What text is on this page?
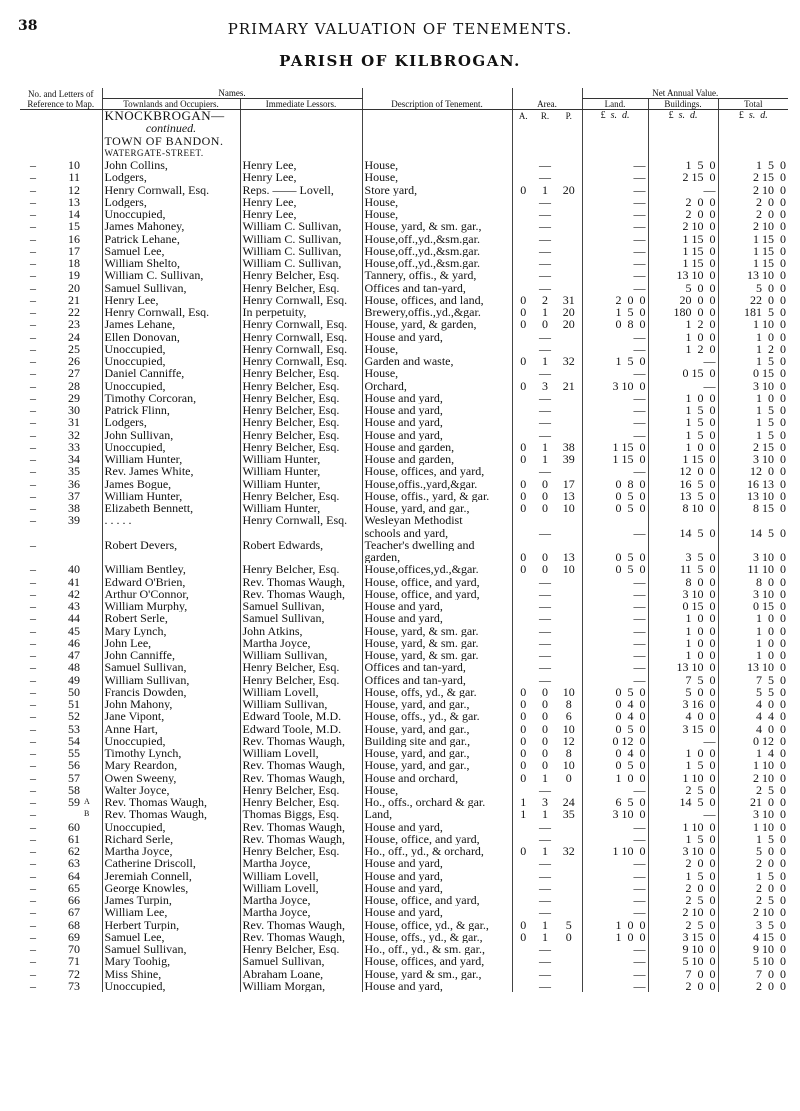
38	PRIMARY VALUATION OF TENEMENTS.
PARISH OF KILBROGAN.
No. and Letters of Reference to Map.			Names.		Description of Tenement.	Area.			Net Annual Value.		
			Townlands and Occupiers.	Immediate Lessors.					Land.	Buildings.	Total
			KNOCKBROGAN—			A.	R.	P.	£ s. d.	£ s. d.	£ s. d.
			continued.								
			TOWN OF BANDON.								
			WATERGATE-STREET.								
–	10		John Collins,	Henry Lee,	House,		—		—	1  5  0	1  5  0
–	11		Lodgers,	Henry Lee,	House,		—		—	2 15  0	2 15  0
–	12		Henry Cornwall, Esq.	Reps. —— Lovell,	Store yard,	0	1	20	—	—	2 10  0
–	13		Lodgers,	Henry Lee,	House,		—		—	2  0  0	2  0  0
–	14		Unoccupied,	Henry Lee,	House,		—		—	2  0  0	2  0  0
–	15		James Mahoney,	William C. Sullivan,	House, yard, & sm. gar.,		—		—	2 10  0	2 10  0
–	16		Patrick Lehane,	William C. Sullivan,	House,off.,yd.,&sm.gar.		—		—	1 15  0	1 15  0
–	17		Samuel Lee,	William C. Sullivan,	House,off.,yd.,&sm.gar.		—		—	1 15  0	1 15  0
–	18		William Shelto,	William C. Sullivan,	House,off.,yd.,&sm.gar.		—		—	1 15  0	1 15  0
–	19		William C. Sullivan,	Henry Belcher, Esq.	Tannery, offis., & yard,		—		—	13 10  0	13 10  0
–	20		Samuel Sullivan,	Henry Belcher, Esq.	Offices and tan-yard,		—		—	5  0  0	5  0  0
–	21		Henry Lee,	Henry Cornwall, Esq.	House, offices, and land,	0	2	31	2  0  0	20  0  0	22  0  0
–	22		Henry Cornwall, Esq.	In perpetuity,	Brewery,offis.,yd.,&gar.	0	1	20	1  5  0	180  0  0	181  5  0
–	23		James Lehane,	Henry Cornwall, Esq.	House, yard, & garden,	0	0	20	0  8  0	1  2  0	1 10  0
–	24		Ellen Donovan,	Henry Cornwall, Esq.	House and yard,		—		—	1  0  0	1  0  0
–	25		Unoccupied,	Henry Cornwall, Esq.	House,		—		—	1  2  0	1  2  0
–	26		Unoccupied,	Henry Cornwall, Esq.	Garden and waste,	0	1	32	1  5  0	—	1  5  0
–	27		Daniel Canniffe,	Henry Belcher, Esq.	House,		—		—	0 15  0	0 15  0
–	28		Unoccupied,	Henry Belcher, Esq.	Orchard,	0	3	21	3 10  0	—	3 10  0
–	29		Timothy Corcoran,	Henry Belcher, Esq.	House and yard,		—		—	1  0  0	1  0  0
–	30		Patrick Flinn,	Henry Belcher, Esq.	House and yard,		—		—	1  5  0	1  5  0
–	31		Lodgers,	Henry Belcher, Esq.	House and yard,		—		—	1  5  0	1  5  0
–	32		John Sullivan,	Henry Belcher, Esq.	House and yard,		—		—	1  5  0	1  5  0
–	33		Unoccupied,	Henry Belcher, Esq.	House and garden,	0	1	38	1 15  0	1  0  0	2 15  0
–	34		William Hunter,	William Hunter,	House and garden,	0	1	39	1 15  0	1 15  0	3 10  0
–	35		Rev. James White,	William Hunter,	House, offices, and yard,		—		—	12  0  0	12  0  0
–	36		James Bogue,	William Hunter,	House,offis.,yard,&gar.	0	0	17	0  8  0	16  5  0	16 13  0
–	37		William Hunter,	Henry Belcher, Esq.	House, offis., yard, & gar.	0	0	13	0  5  0	13  5  0	13 10  0
–	38		Elizabeth Bennett,	William Hunter,	House, yard, and gar.,	0	0	10	0  5  0	8 10  0	8 15  0
–	39		. . . . .	Henry Cornwall, Esq.	Wesleyan Methodist						
					schools and yard,		—		—	14  5  0	14  5  0
–			Robert Devers,	Robert Edwards,	Teacher's dwelling and						
					garden,	0	0	13	0  5  0	3  5  0	3 10  0
–	40		William Bentley,	Henry Belcher, Esq.	House,offices,yd.,&gar.	0	0	10	0  5  0	11  5  0	11 10  0
–	41		Edward O'Brien,	Rev. Thomas Waugh,	House, office, and yard,		—		—	8  0  0	8  0  0
–	42		Arthur O'Connor,	Rev. Thomas Waugh,	House, office, and yard,		—		—	3 10  0	3 10  0
–	43		William Murphy,	Samuel Sullivan,	House and yard,		—		—	0 15  0	0 15  0
–	44		Robert Serle,	Samuel Sullivan,	House and yard,		—		—	1  0  0	1  0  0
–	45		Mary Lynch,	John Atkins,	House, yard, & sm. gar.		—		—	1  0  0	1  0  0
–	46		John Lee,	Martha Joyce,	House, yard, & sm. gar.		—		—	1  0  0	1  0  0
–	47		John Canniffe,	William Sullivan,	House, yard, & sm. gar.		—		—	1  0  0	1  0  0
–	48		Samuel Sullivan,	Henry Belcher, Esq.	Offices and tan-yard,		—		—	13 10  0	13 10  0
–	49		William Sullivan,	Henry Belcher, Esq.	Offices and tan-yard,		—		—	7  5  0	7  5  0
–	50		Francis Dowden,	William Lovell,	House, offs, yd., & gar.	0	0	10	0  5  0	5  0  0	5  5  0
–	51		John Mahony,	William Sullivan,	House, yard, and gar.,	0	0	8	0  4  0	3 16  0	4  0  0
–	52		Jane Vipont,	Edward Toole, M.D.	House, offs., yd., & gar.	0	0	6	0  4  0	4  0  0	4  4  0
–	53		Anne Hart,	Edward Toole, M.D.	House, yard, and gar.,	0	0	10	0  5  0	3 15  0	4  0  0
–	54		Unoccupied,	Rev. Thomas Waugh,	Building site and gar.,	0	0	12	0 12  0	—	0 12  0
–	55		Timothy Lynch,	William Lovell,	House, yard, and gar.,	0	0	8	0  4  0	1  0  0	1  4  0
–	56		Mary Reardon,	Rev. Thomas Waugh,	House, yard, and gar.,	0	0	10	0  5  0	1  5  0	1 10  0
–	57		Owen Sweeny,	Rev. Thomas Waugh,	House and orchard,	0	1	0	1  0  0	1 10  0	2 10  0
–	58		Walter Joyce,	Henry Belcher, Esq.	House,		—		—	2  5  0	2  5  0
–	59	A	Rev. Thomas Waugh,	Henry Belcher, Esq.	Ho., offs., orchard & gar.	1	3	24	6  5  0	14  5  0	21  0  0
–		B	Rev. Thomas Waugh,	Thomas Biggs, Esq.	Land,	1	1	35	3 10  0	—	3 10  0
–	60		Unoccupied,	Rev. Thomas Waugh,	House and yard,		—		—	1 10  0	1 10  0
–	61		Richard Serle,	Rev. Thomas Waugh,	House, office, and yard,		—		—	1  5  0	1  5  0
–	62		Martha Joyce,	Henry Belcher, Esq.	Ho., off., yd., & orchard,	0	1	32	1 10  0	3 10  0	5  0  0
–	63		Catherine Driscoll,	Martha Joyce,	House and yard,		—		—	2  0  0	2  0  0
–	64		Jeremiah Connell,	William Lovell,	House and yard,		—		—	1  5  0	1  5  0
–	65		George Knowles,	William Lovell,	House and yard,		—		—	2  0  0	2  0  0
–	66		James Turpin,	Martha Joyce,	House, office, and yard,		—		—	2  5  0	2  5  0
–	67		William Lee,	Martha Joyce,	House and yard,		—		—	2 10  0	2 10  0
–	68		Herbert Turpin,	Rev. Thomas Waugh,	House, office, yd., & gar.,	0	1	5	1  0  0	2  5  0	3  5  0
–	69		Samuel Lee,	Rev. Thomas Waugh,	House, offs., yd., & gar.,	0	1	0	1  0  0	3 15  0	4 15  0
–	70		Samuel Sullivan,	Henry Belcher, Esq.	Ho., off., yd., & sm. gar.,		—		—	9 10  0	9 10  0
–	71		Mary Toohig,	Samuel Sullivan,	House, offices, and yard,		—		—	5 10  0	5 10  0
–	72		Miss Shine,	Abraham Loane,	House, yard & sm., gar.,		—		—	7  0  0	7  0  0
–	73		Unoccupied,	William Morgan,	House and yard,		—		—	2  0  0	2  0  0
